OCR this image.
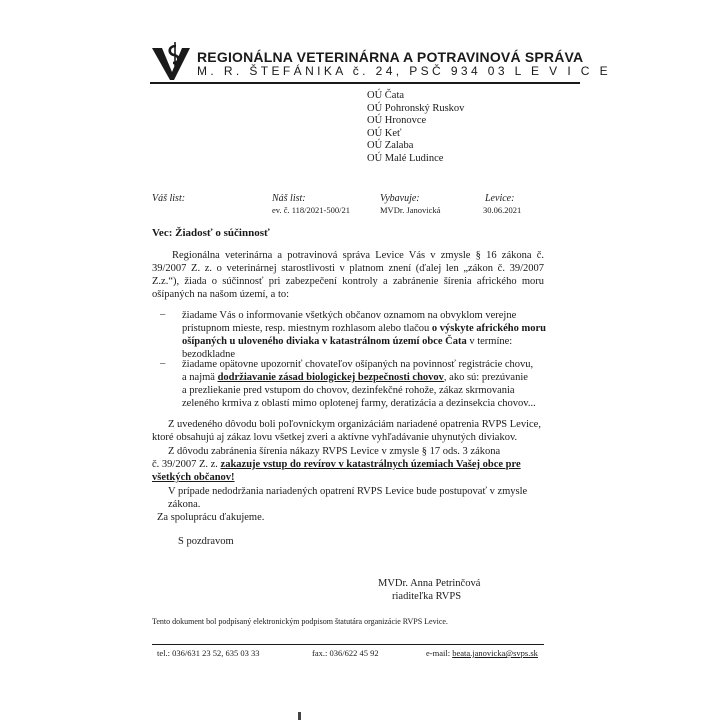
REGIONÁLNA VETERINÁRNA A POTRAVINOVÁ SPRÁVA
M. R. ŠTEFÁNIKA č. 24, PSČ 934 03 L E V I C E
OÚ Čata
OÚ Pohronský Ruskov
OÚ Hronovce
OÚ Keť
OÚ Zalaba
OÚ Malé Ludince
Váš list:	Náš list:
ev. č. 118/2021-500/21
Vybavuje:
MVDr. Janovická
Levice:
30.06.2021
Vec: Žiadosť o súčinnosť

Regionálna veterinárna a potravinová správa Levice Vás v zmysle § 16 zákona č. 39/2007 Z. z. o veterinárnej starostlivosti v platnom znení (ďalej len „zákon č. 39/2007 Z.z.“), žiada o súčinnosť pri zabezpečení kontroly a zabránenie šírenia afrického moru ošípaných na našom území, a to:

– žiadame Vás o informovanie všetkých občanov oznamom na obvyklom verejne
prístupnom mieste, resp. miestnym rozhlasom alebo tlačou o výskyte afrického moru
ošípaných u uloveného diviaka v katastrálnom území obce Čata v termíne:
bezodkladne
– žiadame opätovne upozorniť chovateľov ošípaných na povinnosť registrácie chovu,
a najmä dodržiavanie zásad biologickej bezpečnosti chovov, ako sú: prezúvanie
a prezliekanie pred vstupom do chovov, dezinfekčné rohože, zákaz skrmovania
zeleného krmiva z oblastí mimo oplotenej farmy, deratizácia a dezinsekcia chovov...
Z uvedeného dôvodu boli poľovníckym organizáciám nariadené opatrenia RVPS Levice,
ktoré obsahujú aj zákaz lovu všetkej zveri a aktívne vyhľadávanie uhynutých diviakov.
Z dôvodu zabránenia šírenia nákazy RVPS Levice v zmysle § 17 ods. 3 zákona
č. 39/2007 Z. z. zakazuje vstup do revírov v katastrálnych územiach Vašej obce pre
všetkých občanov!
V prípade nedodržania nariadených opatrení RVPS Levice bude postupovať v zmysle
zákona.
Za spoluprácu ďakujeme.
S pozdravom
MVDr. Anna Petrinčová
riaditeľka RVPS
Tento dokument bol podpísaný elektronickým podpisom štatutára organizácie RVPS Levice.
tel.: 036/631 23 52, 635 03 33	fax.: 036/622 45 92	e-mail: beata.janovicka@svps.sk
